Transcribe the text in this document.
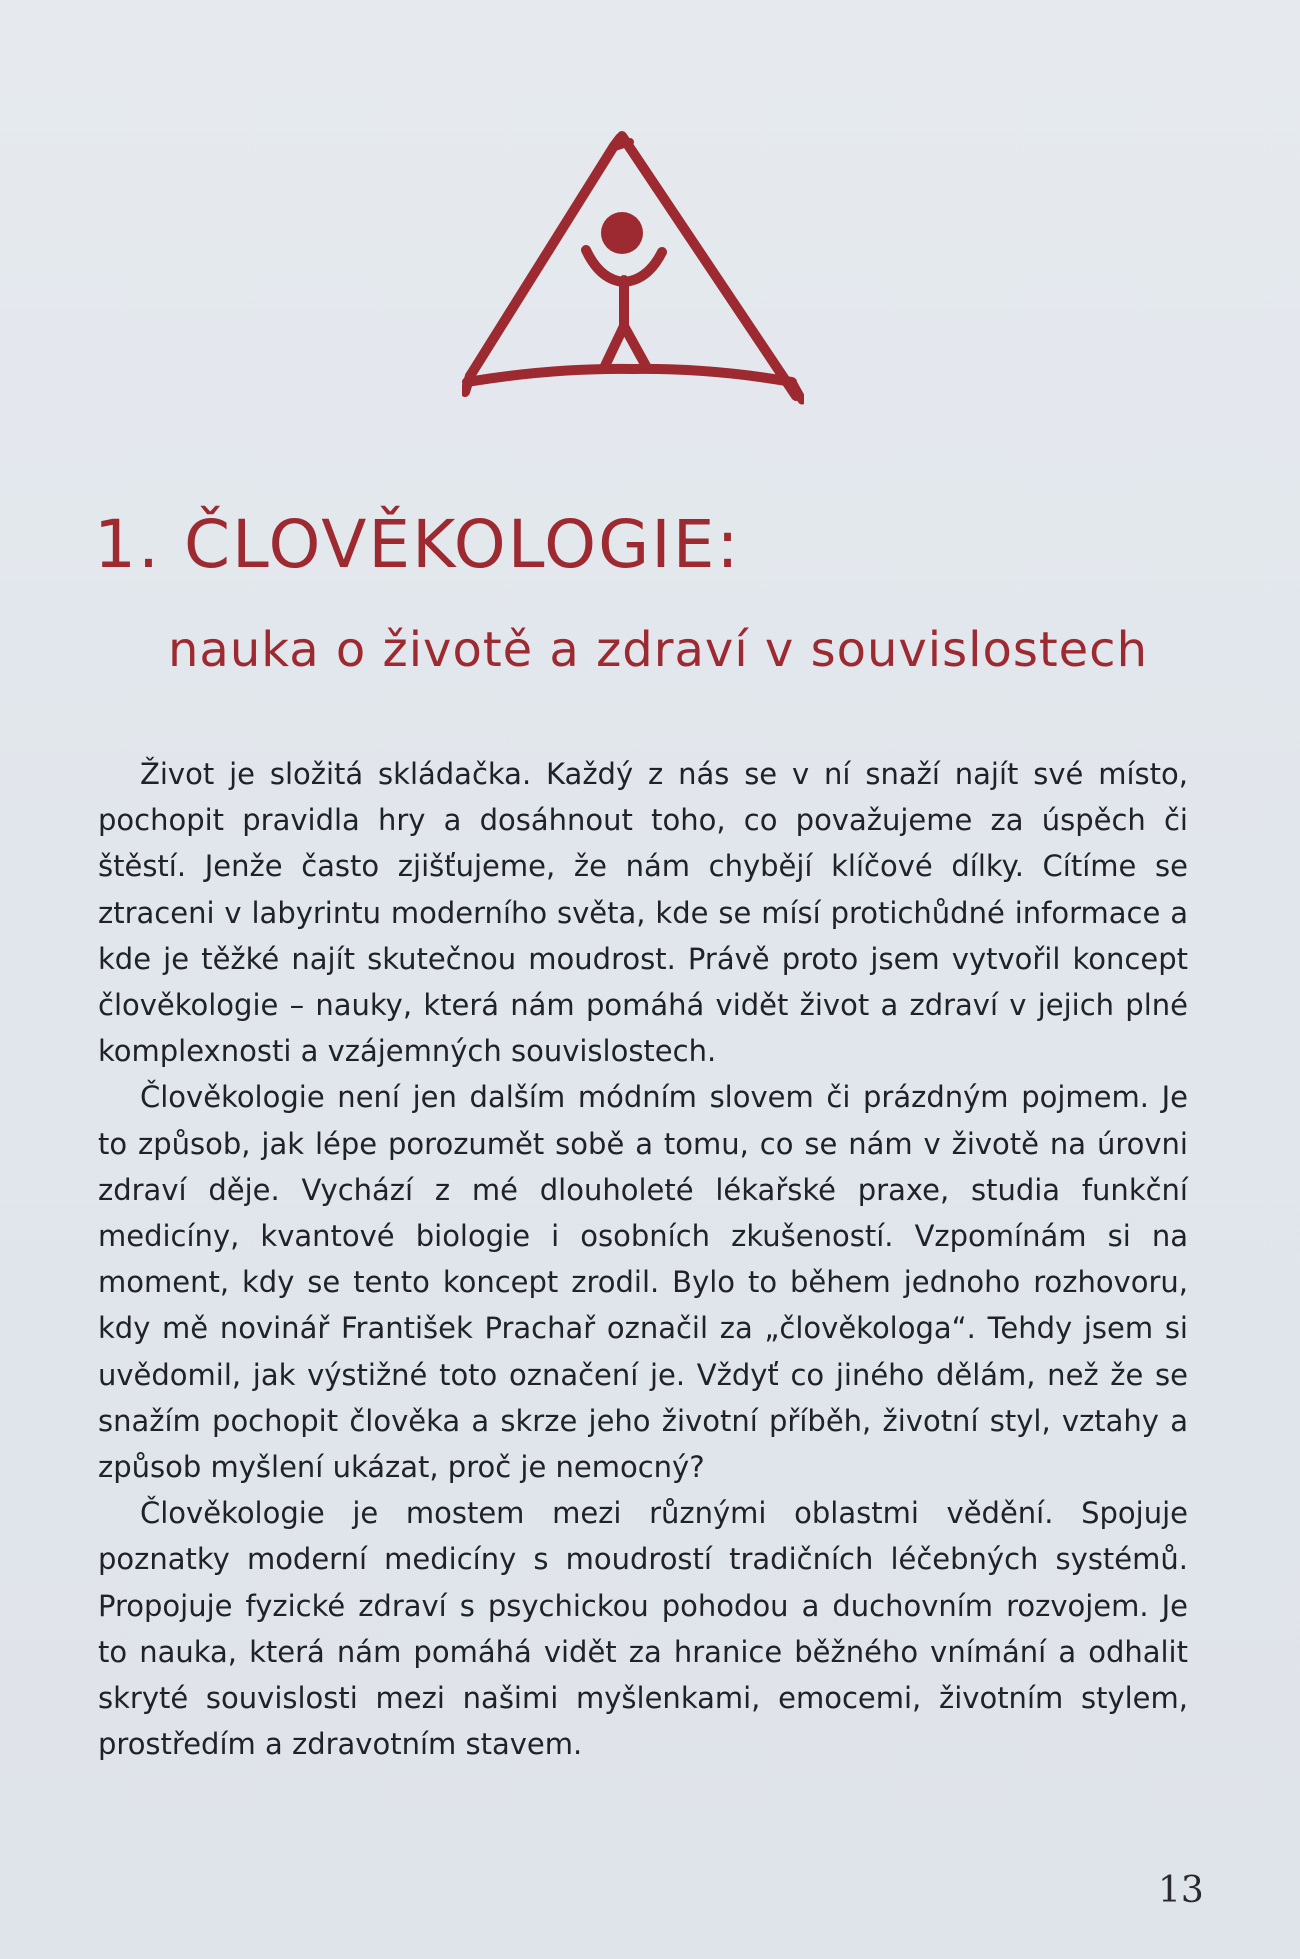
1. ČLOVĚKOLOGIE:
nauka o životě a zdraví v souvislostech

Život je složitá skládačka. Každý z nás se v ní snaží najít své místo, pochopit pravidla hry a dosáhnout toho, co považujeme za úspěch či štěstí. Jenže často zjišťujeme, že nám chybějí klíčové dílky. Cítíme se ztraceni v labyrintu moderního světa, kde se mísí protichůdné informace a kde je těžké najít skutečnou moudrost. Právě proto jsem vytvořil koncept člověkologie – nauky, která nám pomáhá vidět život a zdraví v jejich plné komplexnosti a vzájemných souvislostech.

Člověkologie není jen dalším módním slovem či prázdným pojmem. Je to způsob, jak lépe porozumět sobě a tomu, co se nám v životě na úrovni zdraví děje. Vychází z mé dlouholeté lékařské praxe, studia funkční medicíny, kvantové biologie i osobních zkušeností. Vzpomínám si na moment, kdy se tento koncept zrodil. Bylo to během jednoho rozhovoru, kdy mě novinář František Prachař označil za „člověkologa“. Tehdy jsem si uvědomil, jak výstižné toto označení je. Vždyť co jiného dělám, než že se snažím pochopit člověka a skrze jeho životní příběh, životní styl, vztahy a způsob myšlení ukázat, proč je nemocný?

Člověkologie je mostem mezi různými oblastmi vědění. Spojuje poznatky moderní medicíny s moudrostí tradičních léčebných systémů. Propojuje fyzické zdraví s psychickou pohodou a duchovním rozvojem. Je to nauka, která nám pomáhá vidět za hranice běžného vnímání a odhalit skryté souvislosti mezi našimi myšlenkami, emocemi, životním stylem, prostředím a zdravotním stavem.

13
